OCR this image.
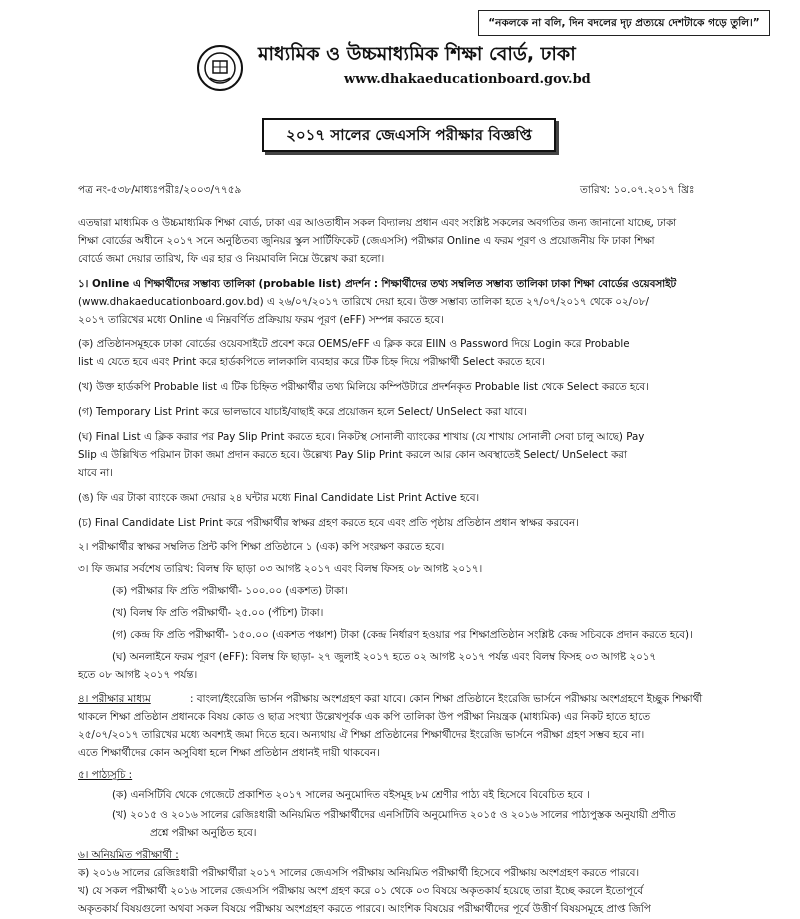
“নকলকে না বলি, দিন বদলের দৃঢ় প্রত্যয়ে দেশটাকে গড়ে তুলি।”
মাধ্যমিক ও উচ্চমাধ্যমিক শিক্ষা বোর্ড, ঢাকা
www.dhakaeducationboard.gov.bd
২০১৭ সালের জেএসসি পরীক্ষার বিজ্ঞপ্তি
পত্র নং-৫৩৮/মাধ্যঃপরীঃ/২০০৩/৭৭৫৯	তারিখ: ১০.০৭.২০১৭ খ্রিঃ
এতদ্বারা মাধ্যমিক ও উচ্চমাধ্যমিক শিক্ষা বোর্ড, ঢাকা এর আওতাধীন সকল বিদ্যালয় প্রধান এবং সংশ্লিষ্ট সকলের অবগতির জন্য জানানো যাচ্ছে, ঢাকা
শিক্ষা বোর্ডের অধীনে ২০১৭ সনে অনুষ্ঠিতব্য জুনিয়র স্কুল সার্টিফিকেট (জেএসসি) পরীক্ষার Online এ ফরম পূরণ ও প্রয়োজনীয় ফি ঢাকা শিক্ষা
বোর্ডে জমা দেয়ার তারিখ, ফি এর হার ও নিয়মাবলি নিম্নে উল্লেখ করা হলো।
১। Online এ শিক্ষার্থীদের সম্ভাব্য তালিকা (probable list) প্রদর্শন : শিক্ষার্থীদের তথ্য সম্বলিত সম্ভাব্য তালিকা ঢাকা শিক্ষা বোর্ডের ওয়েবসাইট
(www.dhakaeducationboard.gov.bd) এ ২৬/০৭/২০১৭ তারিখে দেয়া হবে। উক্ত সম্ভাব্য তালিকা হতে ২৭/০৭/২০১৭ থেকে ০২/০৮/
২০১৭ তারিখের মধ্যে Online এ নিম্নবর্ণিত প্রক্রিয়ায় ফরম পূরণ (eFF) সম্পন্ন করতে হবে।
(ক) প্রতিষ্ঠানসমূহকে ঢাকা বোর্ডের ওয়েবসাইটে প্রবেশ করে OEMS/eFF এ ক্লিক করে EIIN ও Password দিয়ে Login করে Probable
list এ যেতে হবে এবং Print করে হার্ডকপিতে লালকালি ব্যবহার করে টিক চিহ্ন দিয়ে পরীক্ষার্থী Select করতে হবে।
(খ) উক্ত হার্ডকপি Probable list এ টিক চিহ্নিত পরীক্ষার্থীর তথ্য মিলিয়ে কম্পিউটারে প্রদর্শনকৃত Probable list থেকে Select করতে হবে।
(গ) Temporary List Print করে ভালভাবে যাচাই/বাছাই করে প্রয়োজন হলে Select/ UnSelect করা যাবে।
(ঘ) Final List এ ক্লিক করার পর Pay Slip Print করতে হবে। নিকটস্থ সোনালী ব্যাংকের শাখায় (যে শাখায় সোনালী সেবা চালু আছে) Pay
Slip এ উল্লিখিত পরিমান টাকা জমা প্রদান করতে হবে। উল্লেখ্য Pay Slip Print করলে আর কোন অবস্থাতেই Select/ UnSelect করা
যাবে না।
(ঙ) ফি এর টাকা ব্যাংকে জমা দেয়ার ২৪ ঘন্টার মধ্যে Final Candidate List Print Active হবে।
(চ) Final Candidate List Print করে পরীক্ষার্থীর স্বাক্ষর গ্রহণ করতে হবে এবং প্রতি পৃষ্ঠায় প্রতিষ্ঠান প্রধান স্বাক্ষর করবেন।
২। পরীক্ষার্থীর স্বাক্ষর সম্বলিত প্রিন্ট কপি শিক্ষা প্রতিষ্ঠানে ১ (এক) কপি সংরক্ষণ করতে হবে।
৩। ফি জমার সর্বশেষ তারিখ: বিলম্ব ফি ছাড়া ০৩ আগষ্ট ২০১৭ এবং বিলম্ব ফিসহ ০৮ আগষ্ট ২০১৭।
(ক) পরীক্ষার ফি প্রতি পরীক্ষার্থী- ১০০.০০ (একশত) টাকা।
(খ) বিলম্ব ফি প্রতি পরীক্ষার্থী- ২৫.০০ (পঁচিশ) টাকা।
(গ) কেন্দ্র ফি প্রতি পরীক্ষার্থী- ১৫০.০০ (একশত পঞ্চাশ) টাকা (কেন্দ্র নির্ধারণ হওয়ার পর শিক্ষাপ্রতিষ্ঠান সংশ্লিষ্ট কেন্দ্র সচিবকে প্রদান করতে হবে)।
(ঘ) অনলাইনে ফরম পূরণ (eFF): বিলম্ব ফি ছাড়া- ২৭ জুলাই ২০১৭ হতে ০২ আগষ্ট ২০১৭ পর্যন্ত এবং বিলম্ব ফিসহ ০৩ আগষ্ট ২০১৭
হতে ০৮ আগষ্ট ২০১৭ পর্যন্ত।
৪। পরীক্ষার মাধ্যম	: বাংলা/ইংরেজি ভার্সন পরীক্ষায় অংশগ্রহণ করা যাবে। কোন শিক্ষা প্রতিষ্ঠানে ইংরেজি ভার্সনে পরীক্ষায় অংশগ্রহণে ইচ্ছুক শিক্ষার্থী
থাকলে শিক্ষা প্রতিষ্ঠান প্রধানকে বিষয় কোড ও ছাত্র সংখ্যা উল্লেখপূর্বক এক কপি তালিকা উপ পরীক্ষা নিয়ন্ত্রক (মাধ্যমিক) এর নিকট হাতে হাতে
২৫/০৭/২০১৭ তারিখের মধ্যে অবশ্যই জমা দিতে হবে। অন্যথায় ঐ শিক্ষা প্রতিষ্ঠানের শিক্ষার্থীদের ইংরেজি ভার্সনে পরীক্ষা গ্রহণ সম্ভব হবে না।
এতে শিক্ষার্থীদের কোন অসুবিধা হলে শিক্ষা প্রতিষ্ঠান প্রধানই দায়ী থাকবেন।
৫। পাঠ্যসূচি :
(ক) এনসিটিবি থেকে গেজেটে প্রকাশিত ২০১৭ সালের অনুমোদিত বইসমূহ ৮ম শ্রেণীর পাঠ্য বই হিসেবে বিবেচিত হবে ।
(খ) ২০১৫ ও ২০১৬ সালের রেজিঃধারী অনিয়মিত পরীক্ষার্থীদের এনসিটিবি অনুমোদিত ২০১৫ ও ২০১৬ সালের পাঠ্যপুস্তক অনুযায়ী প্রণীত
প্রশ্নে পরীক্ষা অনুষ্ঠিত হবে।
৬। অনিয়মিত পরীক্ষার্থী :
ক) ২০১৬ সালের রেজিঃধারী পরীক্ষার্থীরা ২০১৭ সালের জেএসসি পরীক্ষায় অনিয়মিত পরীক্ষার্থী হিসেবে পরীক্ষায় অংশগ্রহণ করতে পারবে।
খ) যে সকল পরীক্ষার্থী ২০১৬ সালের জেএসসি পরীক্ষায় অংশ গ্রহণ করে ০১ থেকে ০৩ বিষয়ে অকৃতকার্য হয়েছে তারা ইচ্ছে করলে ইতোপূর্বে
অকৃতকার্য বিষয়গুলো অথবা সকল বিষয়ে পরীক্ষায় অংশগ্রহণ করতে পারবে। আংশিক বিষয়ের পরীক্ষার্থীদের পূর্বে উত্তীর্ণ বিষয়সমূহে প্রাপ্ত জিপি
